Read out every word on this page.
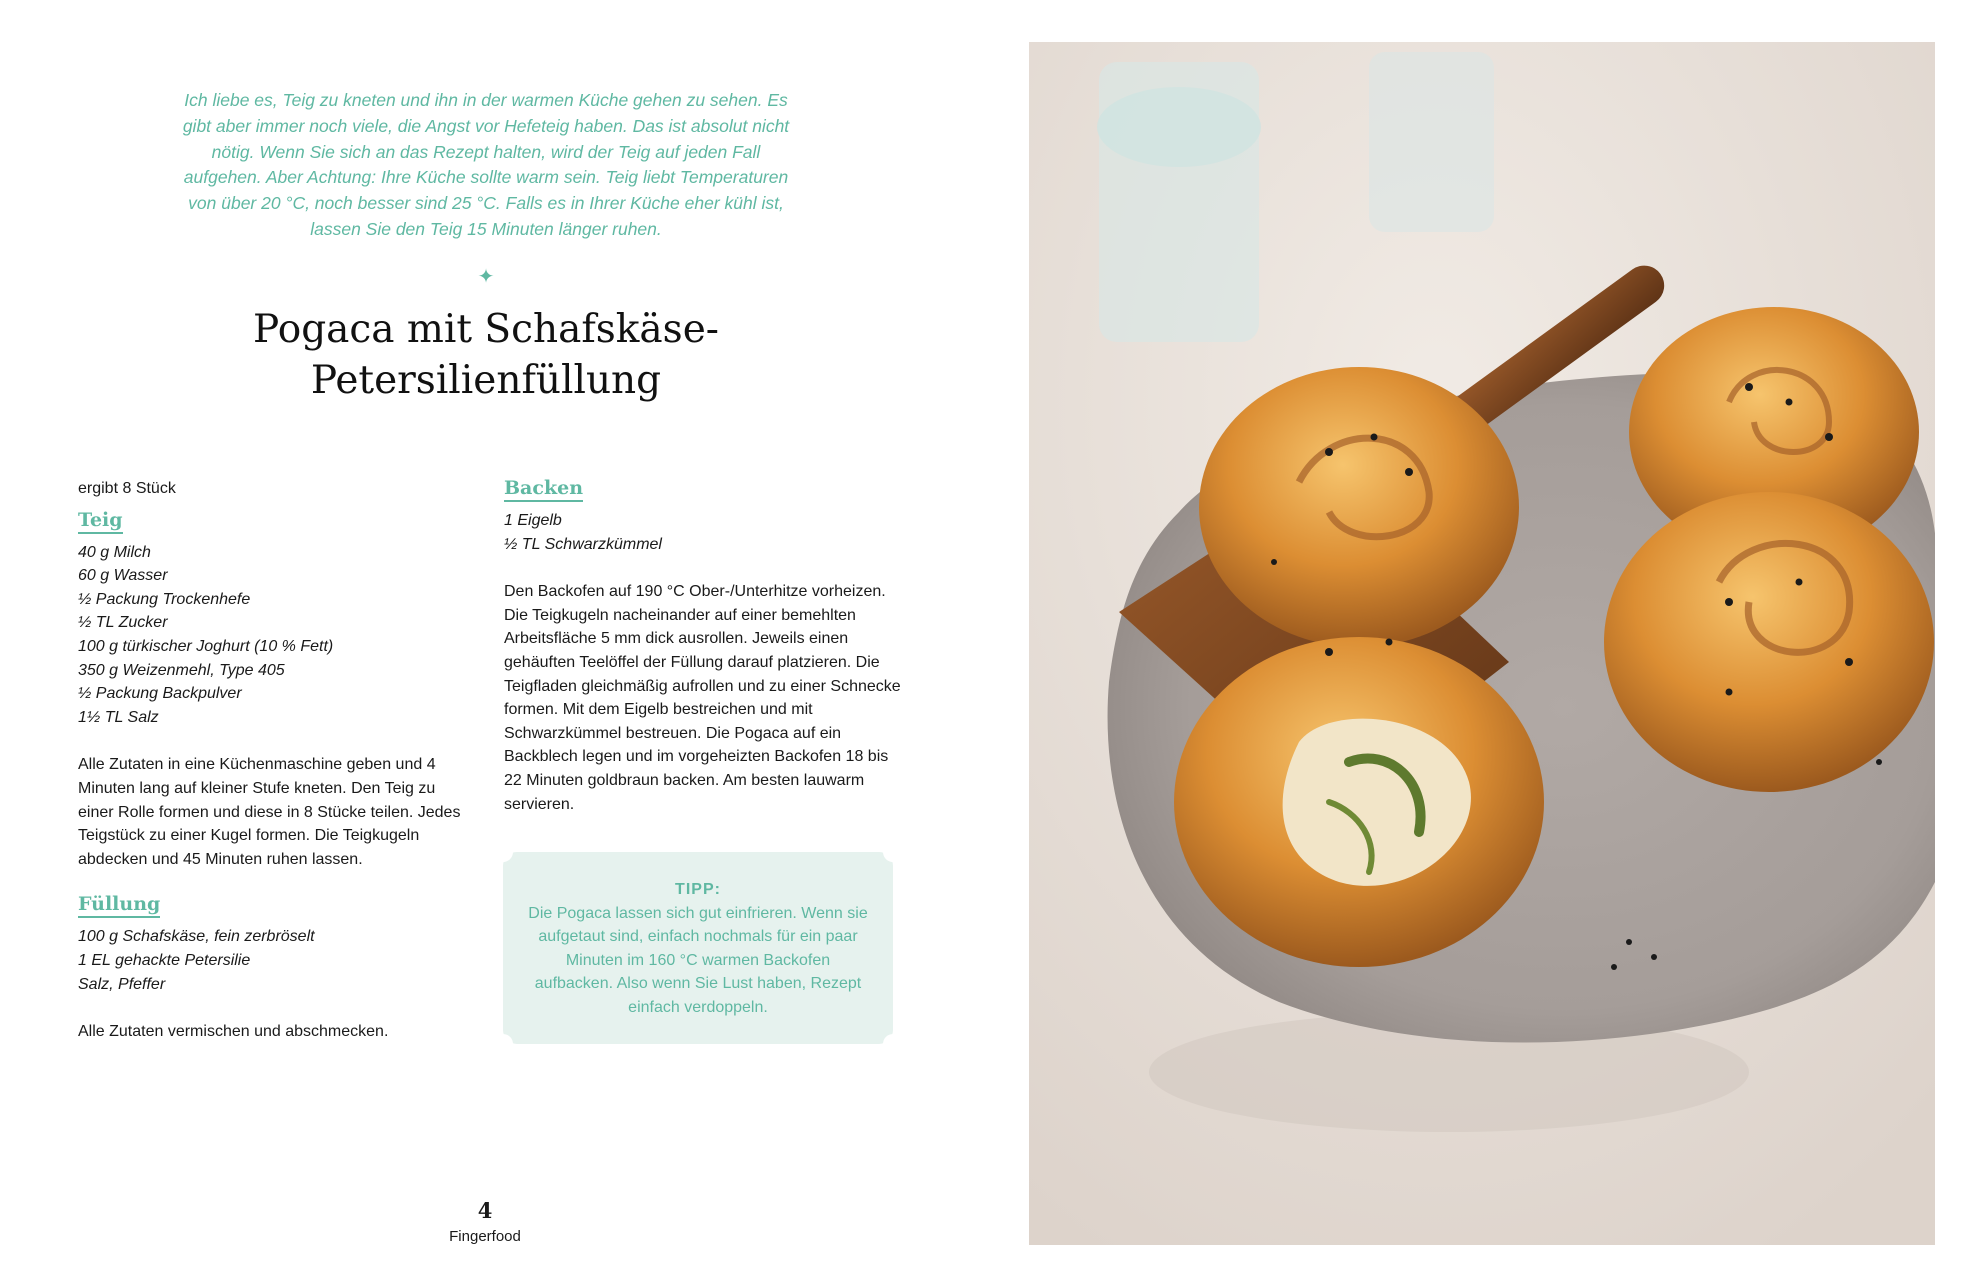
Ich liebe es, Teig zu kneten und ihn in der warmen Küche gehen zu sehen. Es gibt aber immer noch viele, die Angst vor Hefeteig haben. Das ist absolut nicht nötig. Wenn Sie sich an das Rezept halten, wird der Teig auf jeden Fall aufgehen. Aber Achtung: Ihre Küche sollte warm sein. Teig liebt Temperaturen von über 20 °C, noch besser sind 25 °C. Falls es in Ihrer Küche eher kühl ist, lassen Sie den Teig 15 Minuten länger ruhen.

✦
Pogaca mit Schafskäse-
Petersilienfüllung

ergibt 8 Stück

Teig
40 g Milch
60 g Wasser
½ Packung Trockenhefe
½ TL Zucker
100 g türkischer Joghurt (10 % Fett)
350 g Weizenmehl, Type 405
½ Packung Backpulver
1½ TL Salz

Alle Zutaten in eine Küchenmaschine geben und 4 Minuten lang auf kleiner Stufe kneten. Den Teig zu einer Rolle formen und diese in 8 Stücke teilen. Jedes Teigstück zu einer Kugel formen. Die Teigkugeln abdecken und 45 Minuten ruhen lassen.

Füllung
100 g Schafskäse, fein zerbröselt
1 EL gehackte Petersilie
Salz, Pfeffer

Alle Zutaten vermischen und abschmecken.

Backen
1 Eigelb
½ TL Schwarzkümmel

Den Backofen auf 190 °C Ober-/Unterhitze vorheizen. Die Teigkugeln nacheinander auf einer bemehlten Arbeitsfläche 5 mm dick ausrollen. Jeweils einen gehäuften Teelöffel der Füllung darauf platzieren. Die Teigfladen gleichmäßig aufrollen und zu einer Schnecke formen. Mit dem Eigelb bestreichen und mit Schwarzkümmel bestreuen. Die Pogaca auf ein Backblech legen und im vorgeheizten Backofen 18 bis 22 Minuten goldbraun backen. Am besten lauwarm servieren.

TIPP:

Die Pogaca lassen sich gut einfrieren. Wenn sie aufgetaut sind, einfach nochmals für ein paar Minuten im 160 °C warmen Backofen aufbacken. Also wenn Sie Lust haben, Rezept einfach verdoppeln.

4
Fingerfood
